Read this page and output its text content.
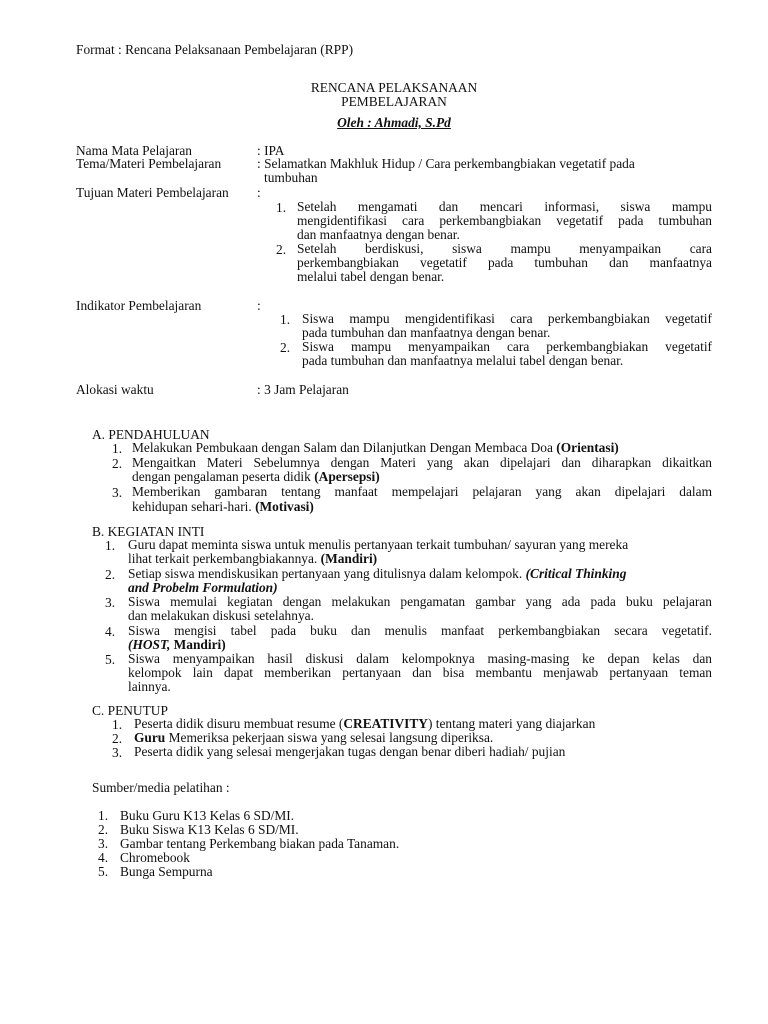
Format : Rencana Pelaksanaan Pembelajaran (RPP)
RENCANA PELAKSANAAN
PEMBELAJARAN
Oleh : Ahmadi, S.Pd
Nama Mata Pelajaran	: IPA
Tema/Materi Pembelajaran	: Selamatkan Makhluk Hidup / Cara perkembangbiakan vegetatif pada
tumbuhan
Tujuan Materi Pembelajaran :
1. Setelah mengamati dan mencari informasi, siswa mampu
mengidentifikasi cara perkembangbiakan vegetatif pada tumbuhan
dan manfaatnya dengan benar.
2. Setelah berdiskusi, siswa mampu menyampaikan cara
perkembangbiakan vegetatif pada tumbuhan dan manfaatnya
melalui tabel dengan benar.
Indikator Pembelajaran	:
1. Siswa mampu mengidentifikasi cara perkembangbiakan vegetatif
pada tumbuhan dan manfaatnya dengan benar.
2. Siswa mampu menyampaikan cara perkembangbiakan vegetatif
pada tumbuhan dan manfaatnya melalui tabel dengan benar.
Alokasi waktu	: 3 Jam Pelajaran
A. PENDAHULUAN
1. Melakukan Pembukaan dengan Salam dan Dilanjutkan Dengan Membaca Doa (Orientasi)
2. Mengaitkan Materi Sebelumnya dengan Materi yang akan dipelajari dan diharapkan dikaitkan
dengan pengalaman peserta didik (Apersepsi)
3. Memberikan gambaran tentang manfaat mempelajari pelajaran yang akan dipelajari dalam
kehidupan sehari-hari. (Motivasi)
B. KEGIATAN INTI
1. Guru dapat meminta siswa untuk menulis pertanyaan terkait tumbuhan/ sayuran yang mereka
lihat terkait perkembangbiakannya. (Mandiri)
2. Setiap siswa mendiskusikan pertanyaan yang ditulisnya dalam kelompok. (Critical Thinking
and Probelm Formulation)
3. Siswa memulai kegiatan dengan melakukan pengamatan gambar yang ada pada buku pelajaran
dan melakukan diskusi setelahnya.
4. Siswa mengisi tabel pada buku dan menulis manfaat perkembangbiakan secara vegetatif.
(HOST, Mandiri)
5. Siswa menyampaikan hasil diskusi dalam kelompoknya masing-masing ke depan kelas dan
kelompok lain dapat memberikan pertanyaan dan bisa membantu menjawab pertanyaan teman
lainnya.
C. PENUTUP
1. Peserta didik disuru membuat resume (CREATIVITY) tentang materi yang diajarkan
2. Guru Memeriksa pekerjaan siswa yang selesai langsung diperiksa.
3. Peserta didik yang selesai mengerjakan tugas dengan benar diberi hadiah/ pujian
Sumber/media pelatihan :
1. Buku Guru K13 Kelas 6 SD/MI.
2. Buku Siswa K13 Kelas 6 SD/MI.
3. Gambar tentang Perkembang biakan pada Tanaman.
4. Chromebook
5. Bunga Sempurna
